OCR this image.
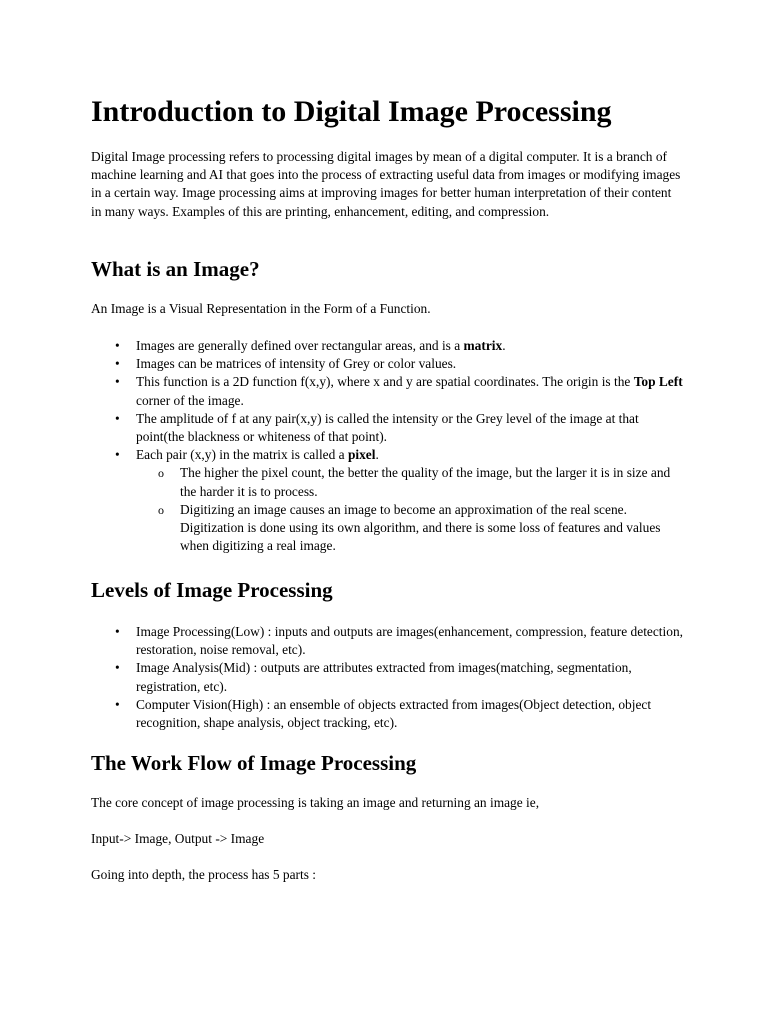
Introduction to Digital Image Processing

Digital Image processing refers to processing digital images by mean of a digital computer. It is a branch of machine learning and AI that goes into the process of extracting useful data from images or modifying images in a certain way. Image processing aims at improving images for better human interpretation of their content in many ways. Examples of this are printing, enhancement, editing, and compression.

What is an Image?

An Image is a Visual Representation in the Form of a Function.

• Images are generally defined over rectangular areas, and is a matrix.
• Images can be matrices of intensity of Grey or color values.
• This function is a 2D function f(x,y), where x and y are spatial coordinates. The origin is the Top Left corner of the image.
• The amplitude of f at any pair(x,y) is called the intensity or the Grey level of the image at that point(the blackness or whiteness of that point).
• Each pair (x,y) in the matrix is called a pixel.
o The higher the pixel count, the better the quality of the image, but the larger it is in size and the harder it is to process.
o Digitizing an image causes an image to become an approximation of the real scene. Digitization is done using its own algorithm, and there is some loss of features and values when digitizing a real image.
Levels of Image Processing
• Image Processing(Low) : inputs and outputs are images(enhancement, compression, feature detection, restoration, noise removal, etc).
• Image Analysis(Mid) : outputs are attributes extracted from images(matching, segmentation, registration, etc).
• Computer Vision(High) : an ensemble of objects extracted from images(Object detection, object recognition, shape analysis, object tracking, etc).
The Work Flow of Image Processing

The core concept of image processing is taking an image and returning an image ie,

Input-> Image, Output -> Image

Going into depth, the process has 5 parts :
